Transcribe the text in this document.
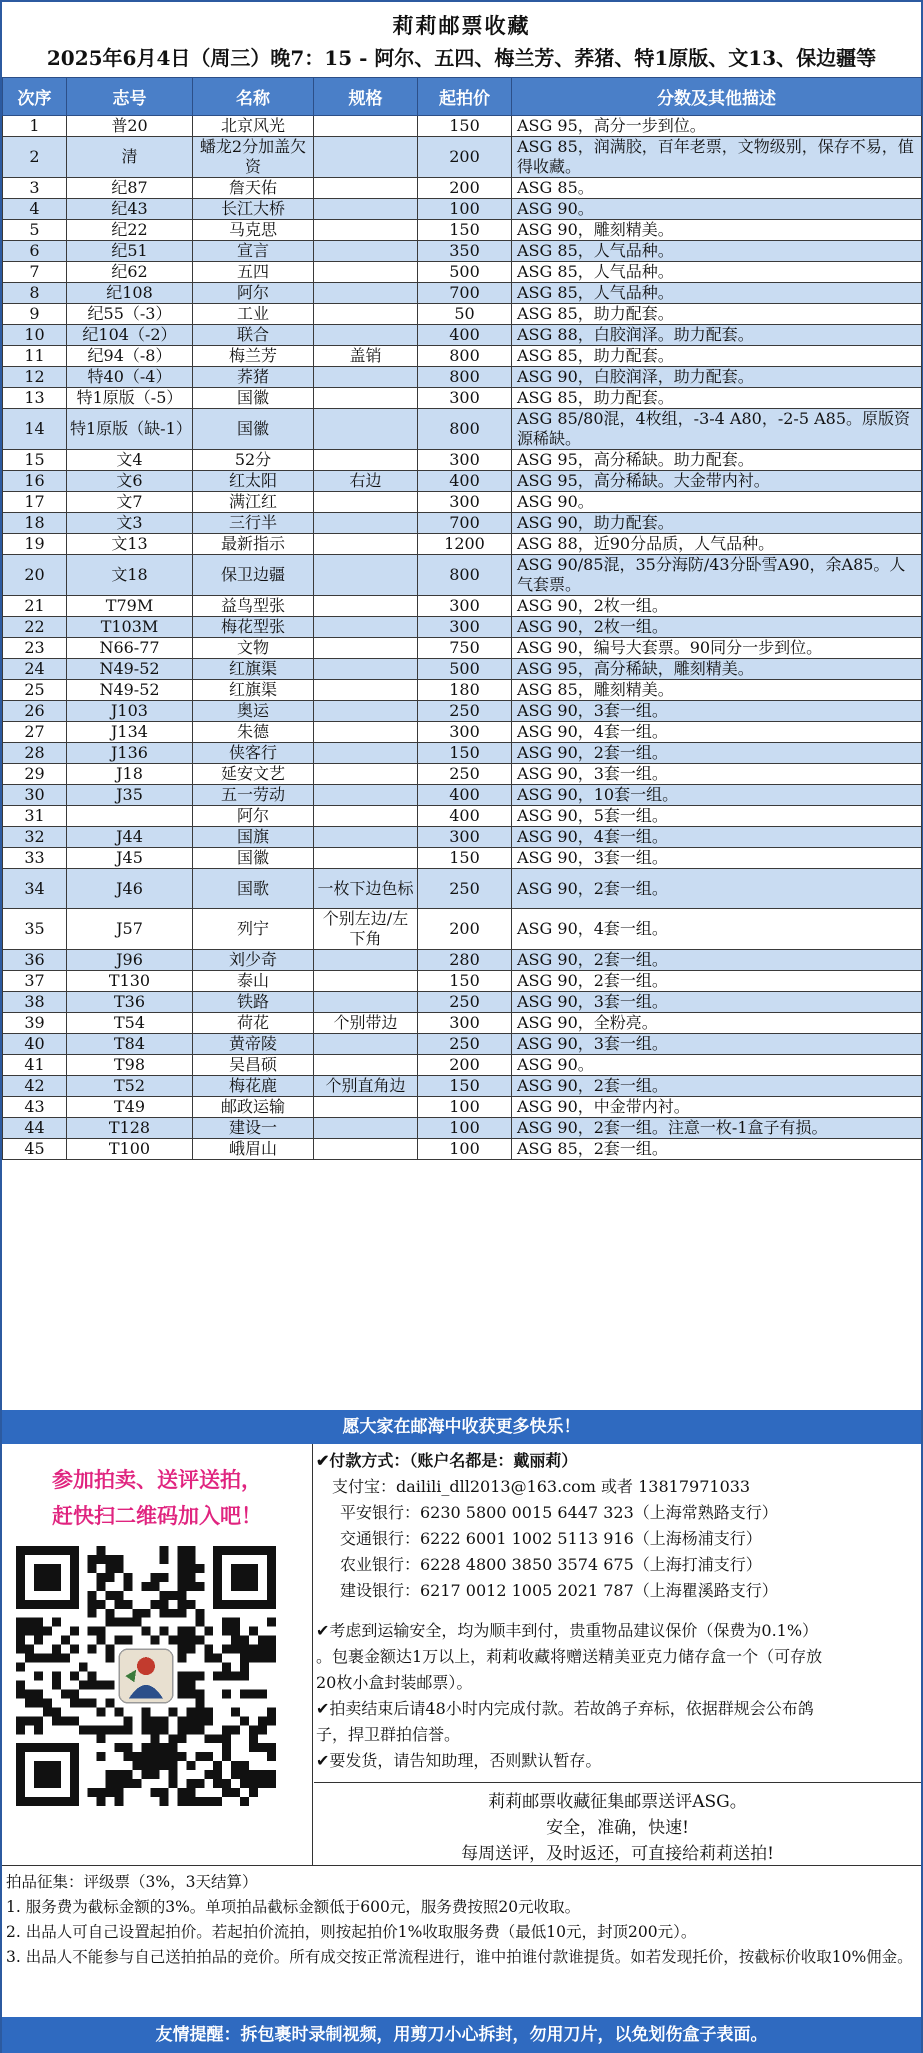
莉莉邮票收藏
2025年6月4日（周三）晚7：15 - 阿尔、五四、梅兰芳、荞猪、特1原版、文13、保边疆等
次序	志号	名称	规格	起拍价	分数及其他描述
1	普20	北京风光		150	ASG 95，高分一步到位。
2	清	蟠龙2分加盖欠资		200	ASG 85，润满胶，百年老票，文物级别，保存不易，值得收藏。
3	纪87	詹天佑		200	ASG 85。
4	纪43	长江大桥		100	ASG 90。
5	纪22	马克思		150	ASG 90，雕刻精美。
6	纪51	宣言		350	ASG 85，人气品种。
7	纪62	五四		500	ASG 85，人气品种。
8	纪108	阿尔		700	ASG 85，人气品种。
9	纪55（-3）	工业		50	ASG 85，助力配套。
10	纪104（-2）	联合		400	ASG 88，白胶润泽。助力配套。
11	纪94（-8）	梅兰芳	盖销	800	ASG 85，助力配套。
12	特40（-4）	荞猪		800	ASG 90，白胶润泽，助力配套。
13	特1原版（-5）	国徽		300	ASG 85，助力配套。
14	特1原版（缺-1）	国徽		800	ASG 85/80混，4枚组，-3-4 A80，-2-5 A85。原版资源稀缺。
15	文4	52分		300	ASG 95，高分稀缺。助力配套。
16	文6	红太阳	右边	400	ASG 95，高分稀缺。大金带内衬。
17	文7	满江红		300	ASG 90。
18	文3	三行半		700	ASG 90，助力配套。
19	文13	最新指示		1200	ASG 88，近90分品质，人气品种。
20	文18	保卫边疆		800	ASG 90/85混，35分海防/43分卧雪A90，余A85。人气套票。
21	T79M	益鸟型张		300	ASG 90，2枚一组。
22	T103M	梅花型张		300	ASG 90，2枚一组。
23	N66-77	文物		750	ASG 90，编号大套票。90同分一步到位。
24	N49-52	红旗渠		500	ASG 95，高分稀缺，雕刻精美。
25	N49-52	红旗渠		180	ASG 85，雕刻精美。
26	J103	奥运		250	ASG 90，3套一组。
27	J134	朱德		300	ASG 90，4套一组。
28	J136	侠客行		150	ASG 90，2套一组。
29	J18	延安文艺		250	ASG 90，3套一组。
30	J35	五一劳动		400	ASG 90，10套一组。
31		阿尔		400	ASG 90，5套一组。
32	J44	国旗		300	ASG 90，4套一组。
33	J45	国徽		150	ASG 90，3套一组。
34	J46	国歌	一枚下边色标	250	ASG 90，2套一组。
35	J57	列宁	个别左边/左下角	200	ASG 90，4套一组。
36	J96	刘少奇		280	ASG 90，2套一组。
37	T130	泰山		150	ASG 90，2套一组。
38	T36	铁路		250	ASG 90，3套一组。
39	T54	荷花	个别带边	300	ASG 90，全粉亮。
40	T84	黄帝陵		250	ASG 90，3套一组。
41	T98	吴昌硕		200	ASG 90。
42	T52	梅花鹿	个别直角边	150	ASG 90，2套一组。
43	T49	邮政运输		100	ASG 90，中金带内衬。
44	T128	建设一		100	ASG 90，2套一组。注意一枚-1盒子有损。
45	T100	峨眉山		100	ASG 85，2套一组。
愿大家在邮海中收获更多快乐！
参加拍卖、送评送拍，
赶快扫二维码加入吧！
✔付款方式：（账户名都是：戴丽莉）
支付宝：dailili_dll2013@163.com 或者 13817971033
平安银行：6230 5800 0015 6447 323（上海常熟路支行）
交通银行：6222 6001 1002 5113 916（上海杨浦支行）
农业银行：6228 4800 3850 3574 675（上海打浦支行）
建设银行：6217 0012 1005 2021 787（上海瞿溪路支行）
✔考虑到运输安全，均为顺丰到付，贵重物品建议保价（保费为0.1%）
。包裹金额达1万以上，莉莉收藏将赠送精美亚克力储存盒一个（可存放
20枚小盒封装邮票）。
✔拍卖结束后请48小时内完成付款。若故鸽子弃标，依据群规会公布鸽
子，捍卫群拍信誉。
✔要发货，请告知助理，否则默认暂存。
莉莉邮票收藏征集邮票送评ASG。
安全，准确，快速!
每周送评，及时返还，可直接给莉莉送拍!
拍品征集：评级票（3%，3天结算）
1. 服务费为截标金额的3%。单项拍品截标金额低于600元，服务费按照20元收取。
2. 出品人可自己设置起拍价。若起拍价流拍，则按起拍价1%收取服务费（最低10元，封顶200元）。
3. 出品人不能参与自己送拍拍品的竞价。所有成交按正常流程进行，谁中拍谁付款谁提货。如若发现托价，按截标价收取10%佣金。
友情提醒：拆包裹时录制视频，用剪刀小心拆封，勿用刀片，以免划伤盒子表面。
